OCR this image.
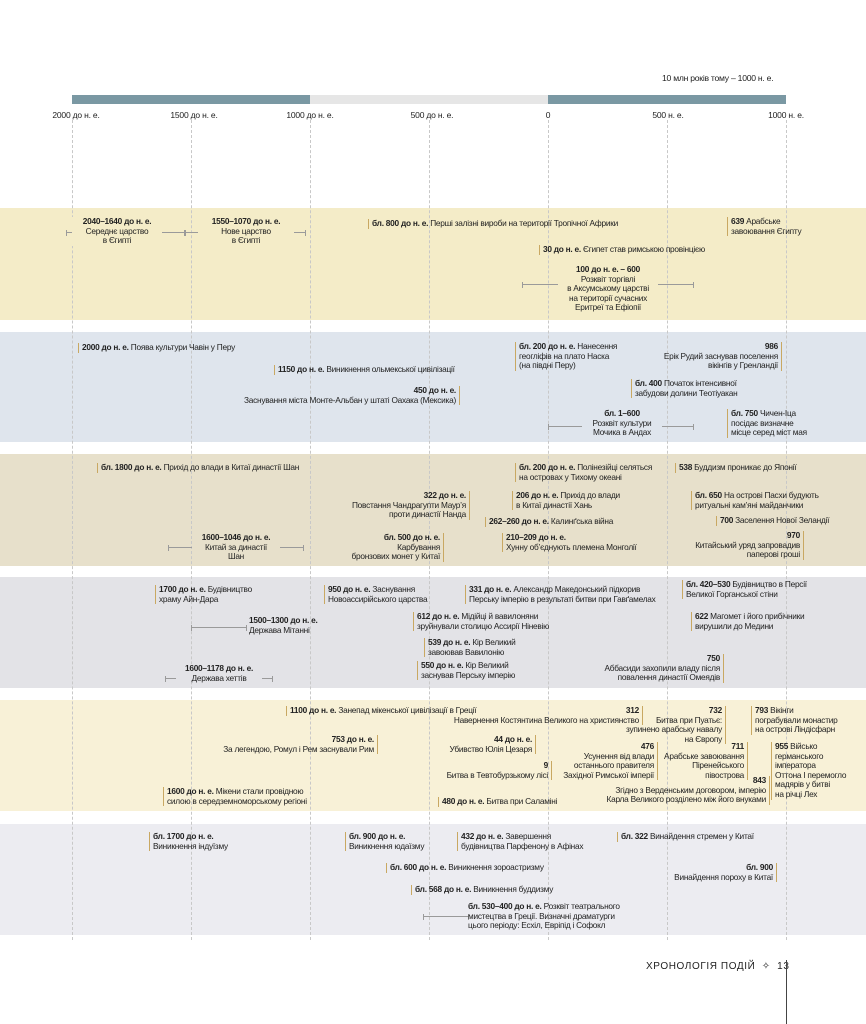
10 млн років тому – 1000 н. е.
2000 до н. е.	1500 до н. е.	1000 до н. е.	500 до н. е.	0	500 н. е.	1000 н. е.
2040–1640 до н. е.
Середнє царство
в Єгипті
1550–1070 до н. е.
Нове царство
в Єгипті
бл. 800 до н. е. Перші залізні вироби на території Тропічної Африки	639 Арабське
завоювання Єгипту
30 до н. е. Єгипет став римською провінцією
100 до н. е. – 600
Розквіт торгівлі
в Аксумському царстві
на території сучасних
Еритреї та Ефіопії
2000 до н. е. Поява культури Чавін у Перу
1150 до н. е. Виникнення ольмекської цивілізації
450 до н. е.
Заснування міста Монте-Альбан у штаті Оахака (Мексика)
бл. 200 до н. е. Нанесення
геогліфів на плато Наска
(на півдні Перу)
986
Ерік Рудий заснував поселення
вікінгів у Гренландії
бл. 400 Початок інтенсивної
забудови долини Теотіуакан
бл. 1–600
Розквіт культури
Мочика в Андах
бл. 750 Чичен-Іца
посідає визначне
місце серед міст мая
бл. 1800 до н. е. Прихід до влади в Китаї династії Шан	бл. 200 до н. е. Полінезійці селяться
на островах у Тихому океані
538 Буддизм проникає до Японії
322 до н. е.
Повстання Чандрагупти Маур’я
проти династії Нанда
206 до н. е. Прихід до влади
в Китаї династії Хань
бл. 650 На острові Пасхи будують
ритуальні кам’яні майданчики
262–260 до н. е. Калинґська війна	700 Заселення Нової Зеландії
1600–1046 до н. е.
Китай за династії
Шан
бл. 500 до н. е.
Карбування
бронзових монет у Китаї
210–209 до н. е.
Хунну об’єднують племена Монголії
970
Китайський уряд запровадив
паперові гроші
1700 до н. е. Будівництво
храму Айн-Дара
950 до н. е. Заснування
Новоассирійського царства
331 до н. е. Александр Македонський підкорив
Перську імперію в результаті битви при Гавґамелах
бл. 420–530 Будівництво в Персії
Великої Горганської стіни
1500–1300 до н. е.
Держава Мітанні
612 до н. е. Мідійці й вавилоняни
зруйнували столицю Ассирії Ніневію
622 Магомет і його прибічники
вирушили до Медини
539 до н. е. Кір Великий
завоював Вавилонію
750
Аббасиди захопили владу після
повалення династії Омеядів
1600–1178 до н. е.
Держава хеттів
550 до н. е. Кір Великий
заснував Перську імперію
1100 до н. е. Занепад мікенської цивілізації в Греції	312
Навернення Костянтина Великого на християнство
732
Битва при Пуатьє:
зупинено арабську навалу
на Європу
793 Вікінги
пограбували монастир
на острові Ліндісфарн
753 до н. е.
За легендою, Ромул і Рем заснували Рим
44 до н. е.
Убивство Юлія Цезаря	476
Усунення від влади
останнього правителя
Західної Римської імперії
711
Арабське завоювання
Піренейського
півострова
955 Військо
германського
імператора
Оттона І перемогло
мадярів у битві
на річці Лех
9
Битва в Тевтобурзькому лісі
843
Згідно з Верденським договором, імперію
Карла Великого розділено між його внуками
1600 до н. е. Мікени стали провідною
силою в середземноморському регіоні	480 до н. е. Битва при Саламіні
бл. 1700 до н. е.
Виникнення індуїзму
бл. 900 до н. е.
Виникнення юдаїзму
432 до н. е. Завершення
будівництва Парфенону в Афінах
бл. 322 Винайдення стремен у Китаї
бл. 600 до н. е. Виникнення зороастризму	бл. 900
Винайдення пороху в Китаї
бл. 568 до н. е. Виникнення буддизму
бл. 530–400 до н. е. Розквіт театрального
мистецтва в Греції. Визначні драматурги
цього періоду: Есхіл, Евріпід і Софокл
ХРОНОЛОГІЯ ПОДІЙ ✧ 13
